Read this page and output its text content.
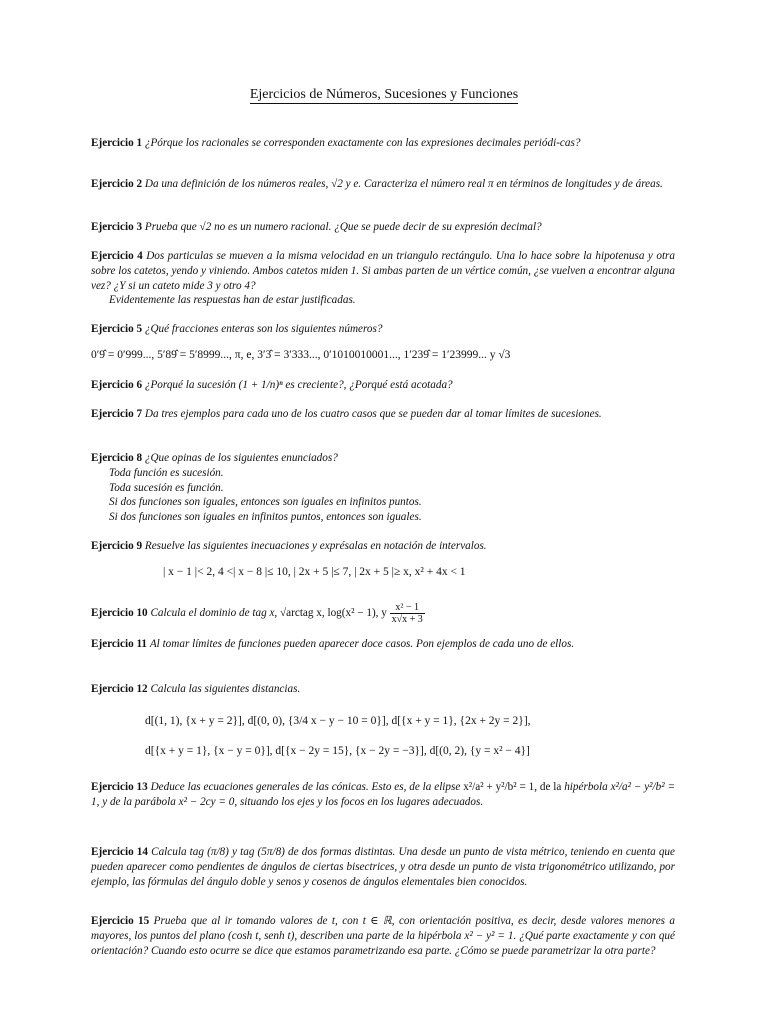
Ejercicios de Números, Sucesiones y Funciones
Ejercicio 1 ¿Pórque los racionales se corresponden exactamente con las expresiones decimales periódi-cas?
Ejercicio 2 Da una definición de los números reales, √2 y e. Caracteriza el número real π en términos de longitudes y de áreas.
Ejercicio 3 Prueba que √2 no es un numero racional. ¿Que se puede decir de su expresión decimal?
Ejercicio 4 Dos particulas se mueven a la misma velocidad en un triangulo rectángulo. Una lo hace sobre la hipotenusa y otra sobre los catetos, yendo y viniendo. Ambos catetos miden 1. Si ambas parten de un vértice común, ¿se vuelven a encontrar alguna vez? ¿Y si un cateto mide 3 y otro 4?
Evidentemente las respuestas han de estar justificadas.
Ejercicio 5 ¿Qué fracciones enteras son los siguientes números?
0′9̂ = 0′999..., 5′89̂ = 5′8999..., π, e, 3′3̂ = 3′333..., 0′1010010001..., 1′239̂ = 1′23999... y √3
Ejercicio 6 ¿Porqué la sucesión (1 + 1/n)ⁿ es creciente?, ¿Porqué está acotada?
Ejercicio 7 Da tres ejemplos para cada uno de los cuatro casos que se pueden dar al tomar límites de sucesiones.
Ejercicio 8 ¿Que opinas de los siguientes enunciados?
Toda función es sucesión.
Toda sucesión es función.
Si dos funciones son iguales, entonces son iguales en infinitos puntos.
Si dos funciones son iguales en infinitos puntos, entonces son iguales.
Ejercicio 9 Resuelve las siguientes inecuaciones y exprésalas en notación de intervalos.
| x − 1 |< 2, 4 <| x − 8 |≤ 10, | 2x + 5 |≤ 7, | 2x + 5 |≥ x, x² + 4x < 1
Ejercicio 10 Calcula el dominio de tag x, √arctag x, log(x² − 1), y $\frac{\text{x² − 1}}{x√x + 3}$
Ejercicio 11 Al tomar límites de funciones pueden aparecer doce casos. Pon ejemplos de cada uno de ellos.
Ejercicio 12 Calcula las siguientes distancias.
d[(1, 1), {x + y = 2}], d[(0, 0), {3/4 x − y − 10 = 0}], d[{x + y = 1}, {2x + 2y = 2}],
d[{x + y = 1}, {x − y = 0}], d[{x − 2y = 15}, {x − 2y = −3}], d[(0, 2), {y = x² − 4}]
Ejercicio 13 Deduce las ecuaciones generales de las cónicas. Esto es, de la elipse x²/a² + y²/b² = 1, de la hipérbola x²/a² − y²/b² = 1, y de la parábola x² − 2cy = 0, situando los ejes y los focos en los lugares adecuados.
Ejercicio 14 Calcula tag (π/8) y tag (5π/8) de dos formas distintas. Una desde un punto de vista métrico, teniendo en cuenta que pueden aparecer como pendientes de ángulos de ciertas bisectrices, y otra desde un punto de vista trigonométrico utilizando, por ejemplo, las fórmulas del ángulo doble y senos y cosenos de ángulos elementales bien conocidos.
Ejercicio 15 Prueba que al ir tomando valores de t, con t ∈ ℝ, con orientación positiva, es decir, desde valores menores a mayores, los puntos del plano (cosh t, senh t), describen una parte de la hipérbola x² − y² = 1. ¿Qué parte exactamente y con qué orientación? Cuando esto ocurre se dice que estamos parametrizando esa parte. ¿Cómo se puede parametrizar la otra parte?
